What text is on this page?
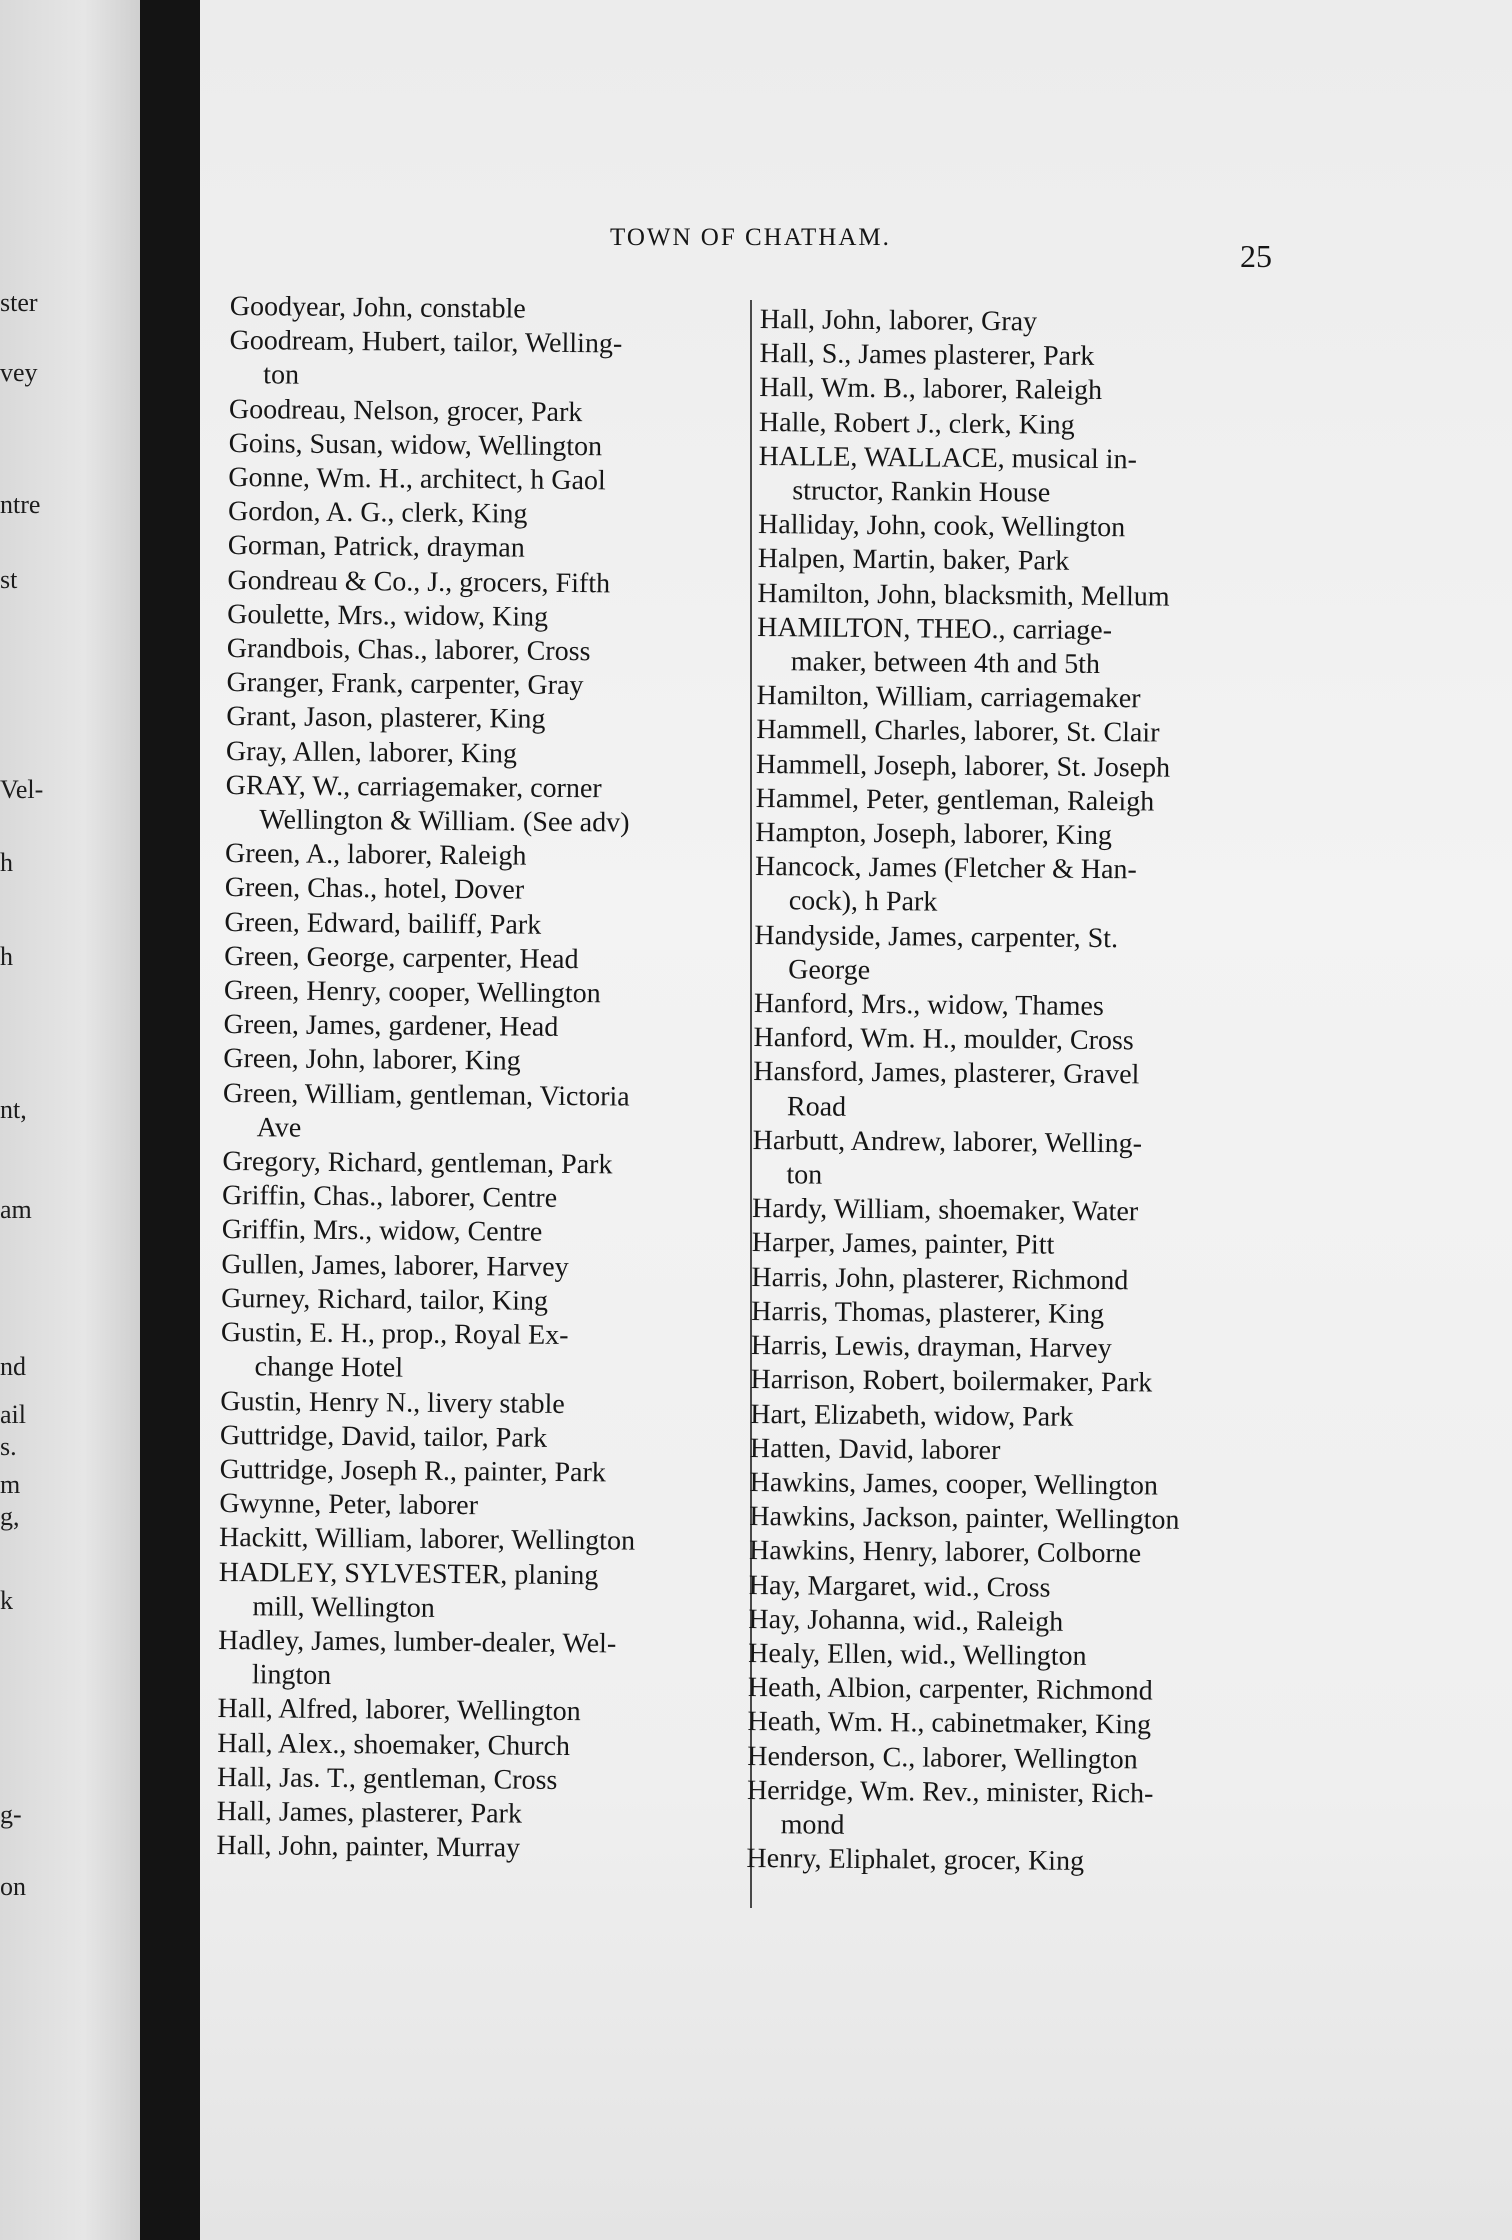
ster
vey
ntre
st
Vel-
h
h
nt,
am
nd
ail
s.
m
g,
k
g-
on
TOWN OF CHATHAM.
25
Goodyear, John, constable
Goodream, Hubert, tailor, Welling-
ton
Goodreau, Nelson, grocer, Park
Goins, Susan, widow, Wellington
Gonne, Wm. H., architect, h Gaol
Gordon, A. G., clerk, King
Gorman, Patrick, drayman
Gondreau & Co., J., grocers, Fifth
Goulette, Mrs., widow, King
Grandbois, Chas., laborer, Cross
Granger, Frank, carpenter, Gray
Grant, Jason, plasterer, King
Gray, Allen, laborer, King
GRAY, W., carriagemaker, corner
Wellington & William. (See adv)
Green, A., laborer, Raleigh
Green, Chas., hotel, Dover
Green, Edward, bailiff, Park
Green, George, carpenter, Head
Green, Henry, cooper, Wellington
Green, James, gardener, Head
Green, John, laborer, King
Green, William, gentleman, Victoria
Ave
Gregory, Richard, gentleman, Park
Griffin, Chas., laborer, Centre
Griffin, Mrs., widow, Centre
Gullen, James, laborer, Harvey
Gurney, Richard, tailor, King
Gustin, E. H., prop., Royal Ex-
change Hotel
Gustin, Henry N., livery stable
Guttridge, David, tailor, Park
Guttridge, Joseph R., painter, Park
Gwynne, Peter, laborer
Hackitt, William, laborer, Wellington
HADLEY, SYLVESTER, planing
mill, Wellington
Hadley, James, lumber-dealer, Wel-
lington
Hall, Alfred, laborer, Wellington
Hall, Alex., shoemaker, Church
Hall, Jas. T., gentleman, Cross
Hall, James, plasterer, Park
Hall, John, painter, Murray
Hall, John, laborer, Gray
Hall, S., James plasterer, Park
Hall, Wm. B., laborer, Raleigh
Halle, Robert J., clerk, King
HALLE, WALLACE, musical in-
structor, Rankin House
Halliday, John, cook, Wellington
Halpen, Martin, baker, Park
Hamilton, John, blacksmith, Mellum
HAMILTON, THEO., carriage-
maker, between 4th and 5th
Hamilton, William, carriagemaker
Hammell, Charles, laborer, St. Clair
Hammell, Joseph, laborer, St. Joseph
Hammel, Peter, gentleman, Raleigh
Hampton, Joseph, laborer, King
Hancock, James (Fletcher & Han-
cock), h Park
Handyside, James, carpenter, St.
George
Hanford, Mrs., widow, Thames
Hanford, Wm. H., moulder, Cross
Hansford, James, plasterer, Gravel
Road
Harbutt, Andrew, laborer, Welling-
ton
Hardy, William, shoemaker, Water
Harper, James, painter, Pitt
Harris, John, plasterer, Richmond
Harris, Thomas, plasterer, King
Harris, Lewis, drayman, Harvey
Harrison, Robert, boilermaker, Park
Hart, Elizabeth, widow, Park
Hatten, David, laborer
Hawkins, James, cooper, Wellington
Hawkins, Jackson, painter, Wellington
Hawkins, Henry, laborer, Colborne
Hay, Margaret, wid., Cross
Hay, Johanna, wid., Raleigh
Healy, Ellen, wid., Wellington
Heath, Albion, carpenter, Richmond
Heath, Wm. H., cabinetmaker, King
Henderson, C., laborer, Wellington
Herridge, Wm. Rev., minister, Rich-
mond
Henry, Eliphalet, grocer, King
